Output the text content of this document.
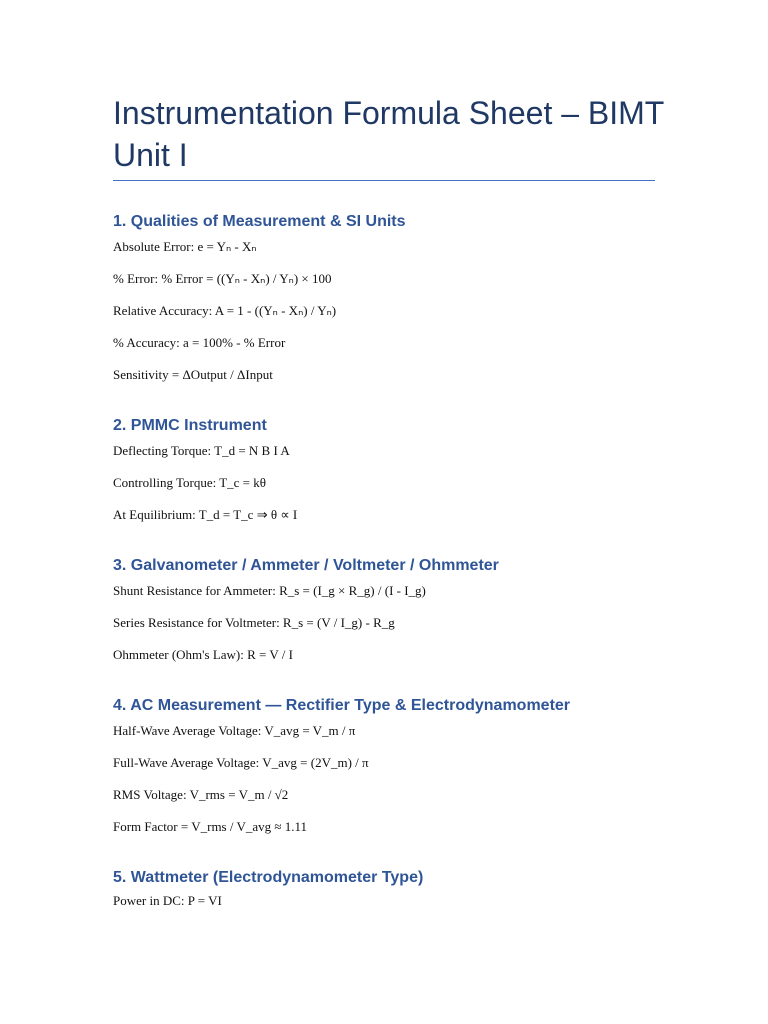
Instrumentation Formula Sheet – BIMT Unit I
1. Qualities of Measurement & SI Units
Absolute Error: e = Yₙ - Xₙ
% Error: % Error = ((Yₙ - Xₙ) / Yₙ) × 100
Relative Accuracy: A = 1 - ((Yₙ - Xₙ) / Yₙ)
% Accuracy: a = 100% - % Error
Sensitivity = ΔOutput / ΔInput
2. PMMC Instrument
Deflecting Torque: T_d = N B I A
Controlling Torque: T_c = kθ
At Equilibrium: T_d = T_c ⇒ θ ∝ I
3. Galvanometer / Ammeter / Voltmeter / Ohmmeter
Shunt Resistance for Ammeter: R_s = (I_g × R_g) / (I - I_g)
Series Resistance for Voltmeter: R_s = (V / I_g) - R_g
Ohmmeter (Ohm's Law): R = V / I
4. AC Measurement — Rectifier Type & Electrodynamometer
Half-Wave Average Voltage: V_avg = V_m / π
Full-Wave Average Voltage: V_avg = (2V_m) / π
RMS Voltage: V_rms = V_m / √2
Form Factor = V_rms / V_avg ≈ 1.11
5. Wattmeter (Electrodynamometer Type)
Power in DC: P = VI
